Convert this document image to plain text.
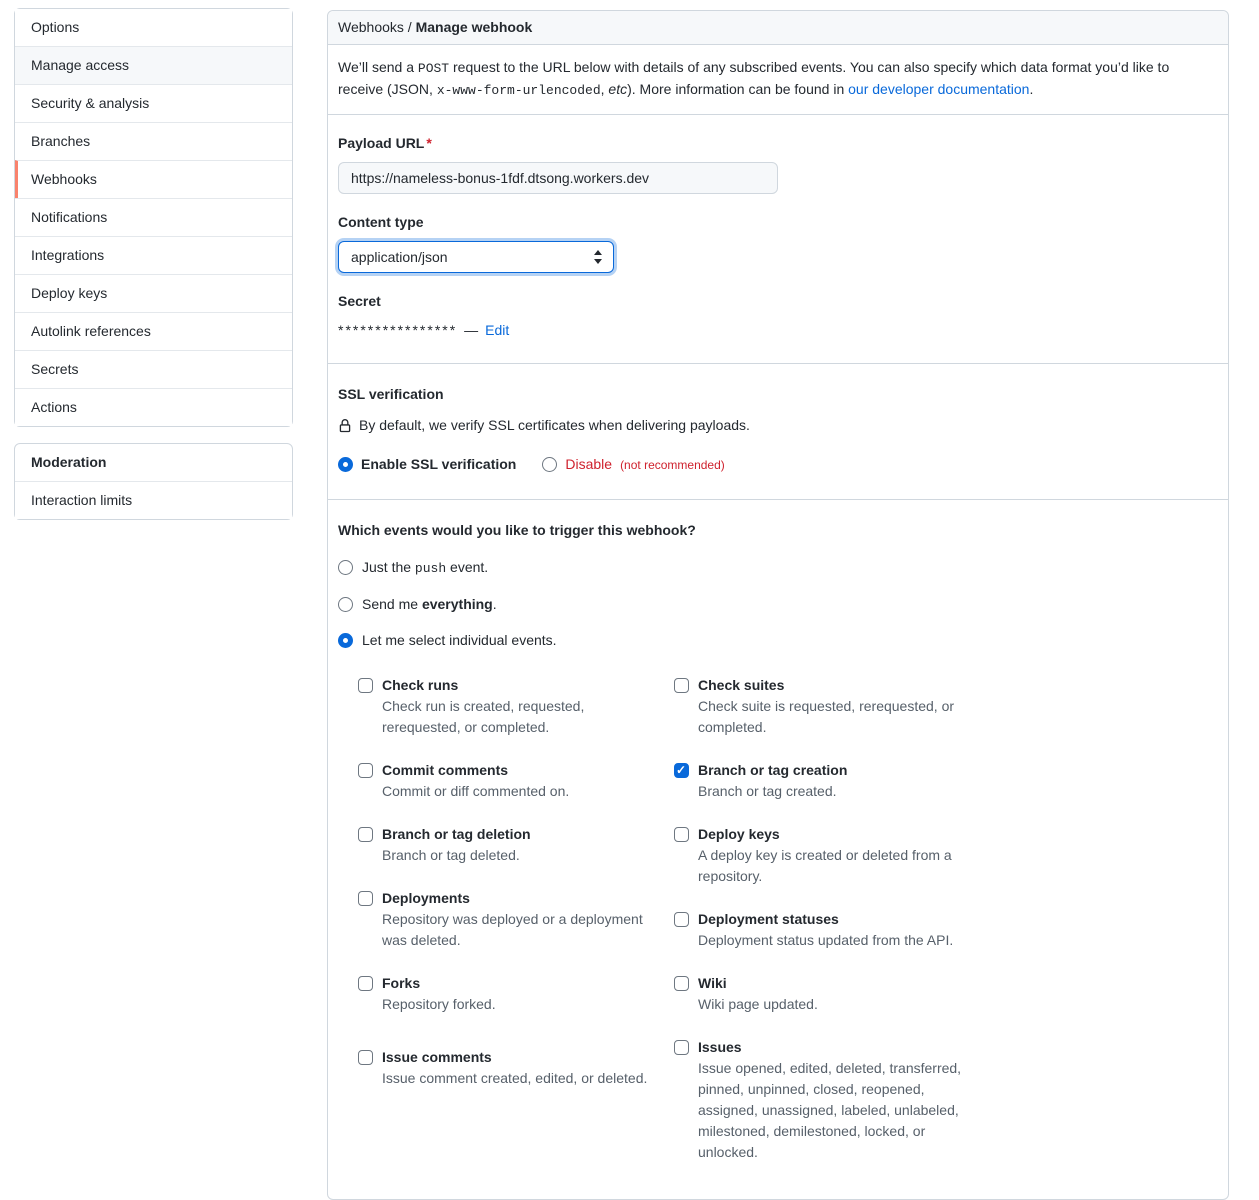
Options
Manage access
Security & analysis
Branches
Webhooks
Notifications
Integrations
Deploy keys
Autolink references
Secrets
Actions
Moderation
Interaction limits
Webhooks / Manage webhook
We’ll send a POST request to the URL below with details of any subscribed events. You can also specify which data format you’d like to receive (JSON, x-www-form-urlencoded, etc). More information can be found in our developer documentation.
Payload URL *
https://nameless-bonus-1fdf.dtsong.workers.dev
Content type
application/json
Secret
**************** — Edit
SSL verification
By default, we verify SSL certificates when delivering payloads.
Enable SSL verification	Disable (not recommended)
Which events would you like to trigger this webhook?
Just the push event.
Send me everything.
Let me select individual events.
Check runs
Check run is created, requested, rerequested, or completed.
Commit comments
Commit or diff commented on.
Branch or tag deletion
Branch or tag deleted.
Deployments
Repository was deployed or a deployment was deleted.
Forks
Repository forked.
Issue comments
Issue comment created, edited, or deleted.
Check suites
Check suite is requested, rerequested, or completed.
✓
Branch or tag creation
Branch or tag created.
Deploy keys
A deploy key is created or deleted from a repository.
Deployment statuses
Deployment status updated from the API.
Wiki
Wiki page updated.
Issues
Issue opened, edited, deleted, transferred, pinned, unpinned, closed, reopened, assigned, unassigned, labeled, unlabeled, milestoned, demilestoned, locked, or unlocked.
